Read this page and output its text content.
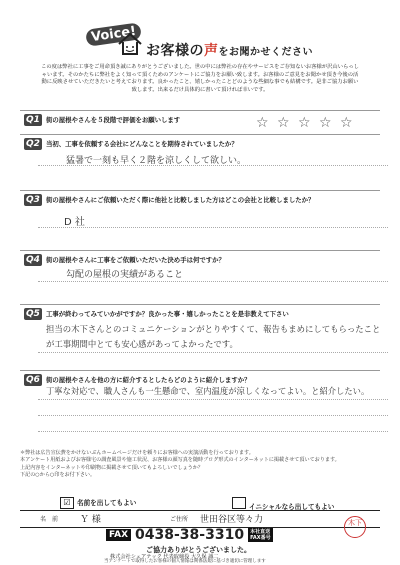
Voice!
お客様の声をお聞かせください
この度は弊社に工事をご用命頂き誠にありがとうございました。世の中には弊社の存在やサービスをご存知ないお客様が沢山いらっしゃいます。そのかたちに弊社をよく知って頂くためのアンケートにご協力をお願い致します。お客様のご意見をお聞かせ頂き今後の活動に反映させていただきたいと考えております。良かったこと、嬉しかったことどのような些細な事でも結構です。是非ご協力お願い致します。出来るだけ具体的に書いて頂ければ幸いです。
Q1 街の屋根やさんを５段階で評価をお願いします	☆ ☆ ☆ ☆ ☆
Q2 当初、工事を依頼する会社にどんなことを期待されていましたか？
猛暑で一刻も早く２階を涼しくして欲しい。
Q3 街の屋根やさんにご依頼いただく際に他社と比較しました方はどこの会社と比較しましたか？
D 社
Q4 街の屋根やさんに工事をご依頼いただいた決め手は何ですか？
勾配の屋根の実績があること
Q5 工事が終わってみていかがですか？良かった事・嬉しかったことを是非教えて下さい
担当の木下さんとのコミュニケーションがとりやすくて、報告もまめにしてもらったこと
が工事期間中とても安心感があってよかったです。
Q6 街の屋根やさんを他の方に紹介するとしたらどのように紹介しますか？
丁寧な対応で、職人さんも一生懸命で、室内温度が涼しくなってよい。と紹介したい。
＊弊社は広告宣伝費をかけないぶんホームページだけを頼りにお客様への実演活動を行っております。
本アンケート用紙およびお客様宅の調査風景や施工状況、お客様の顔写真を随時ブログ形式のインターネットに掲載させて頂いております。
上記内容をインターネットや印刷物に掲載させて頂いてもよろしいでしょうか？
下記の○から○印をお付下さい。
☑ 名前を出してもよい	イニシャルなら出してもよい
名　前 Ｙ 様	ご住所 世田谷区等々力
FAX 0438-38-3310 本社直送
FAX番号
ご協力ありがとうございました。
株式会社シェアテック 代表取締役 大久保 誠二
当アンケートで取得したお客様の個人情報は関係法規に基づき適切に管理します
木下
